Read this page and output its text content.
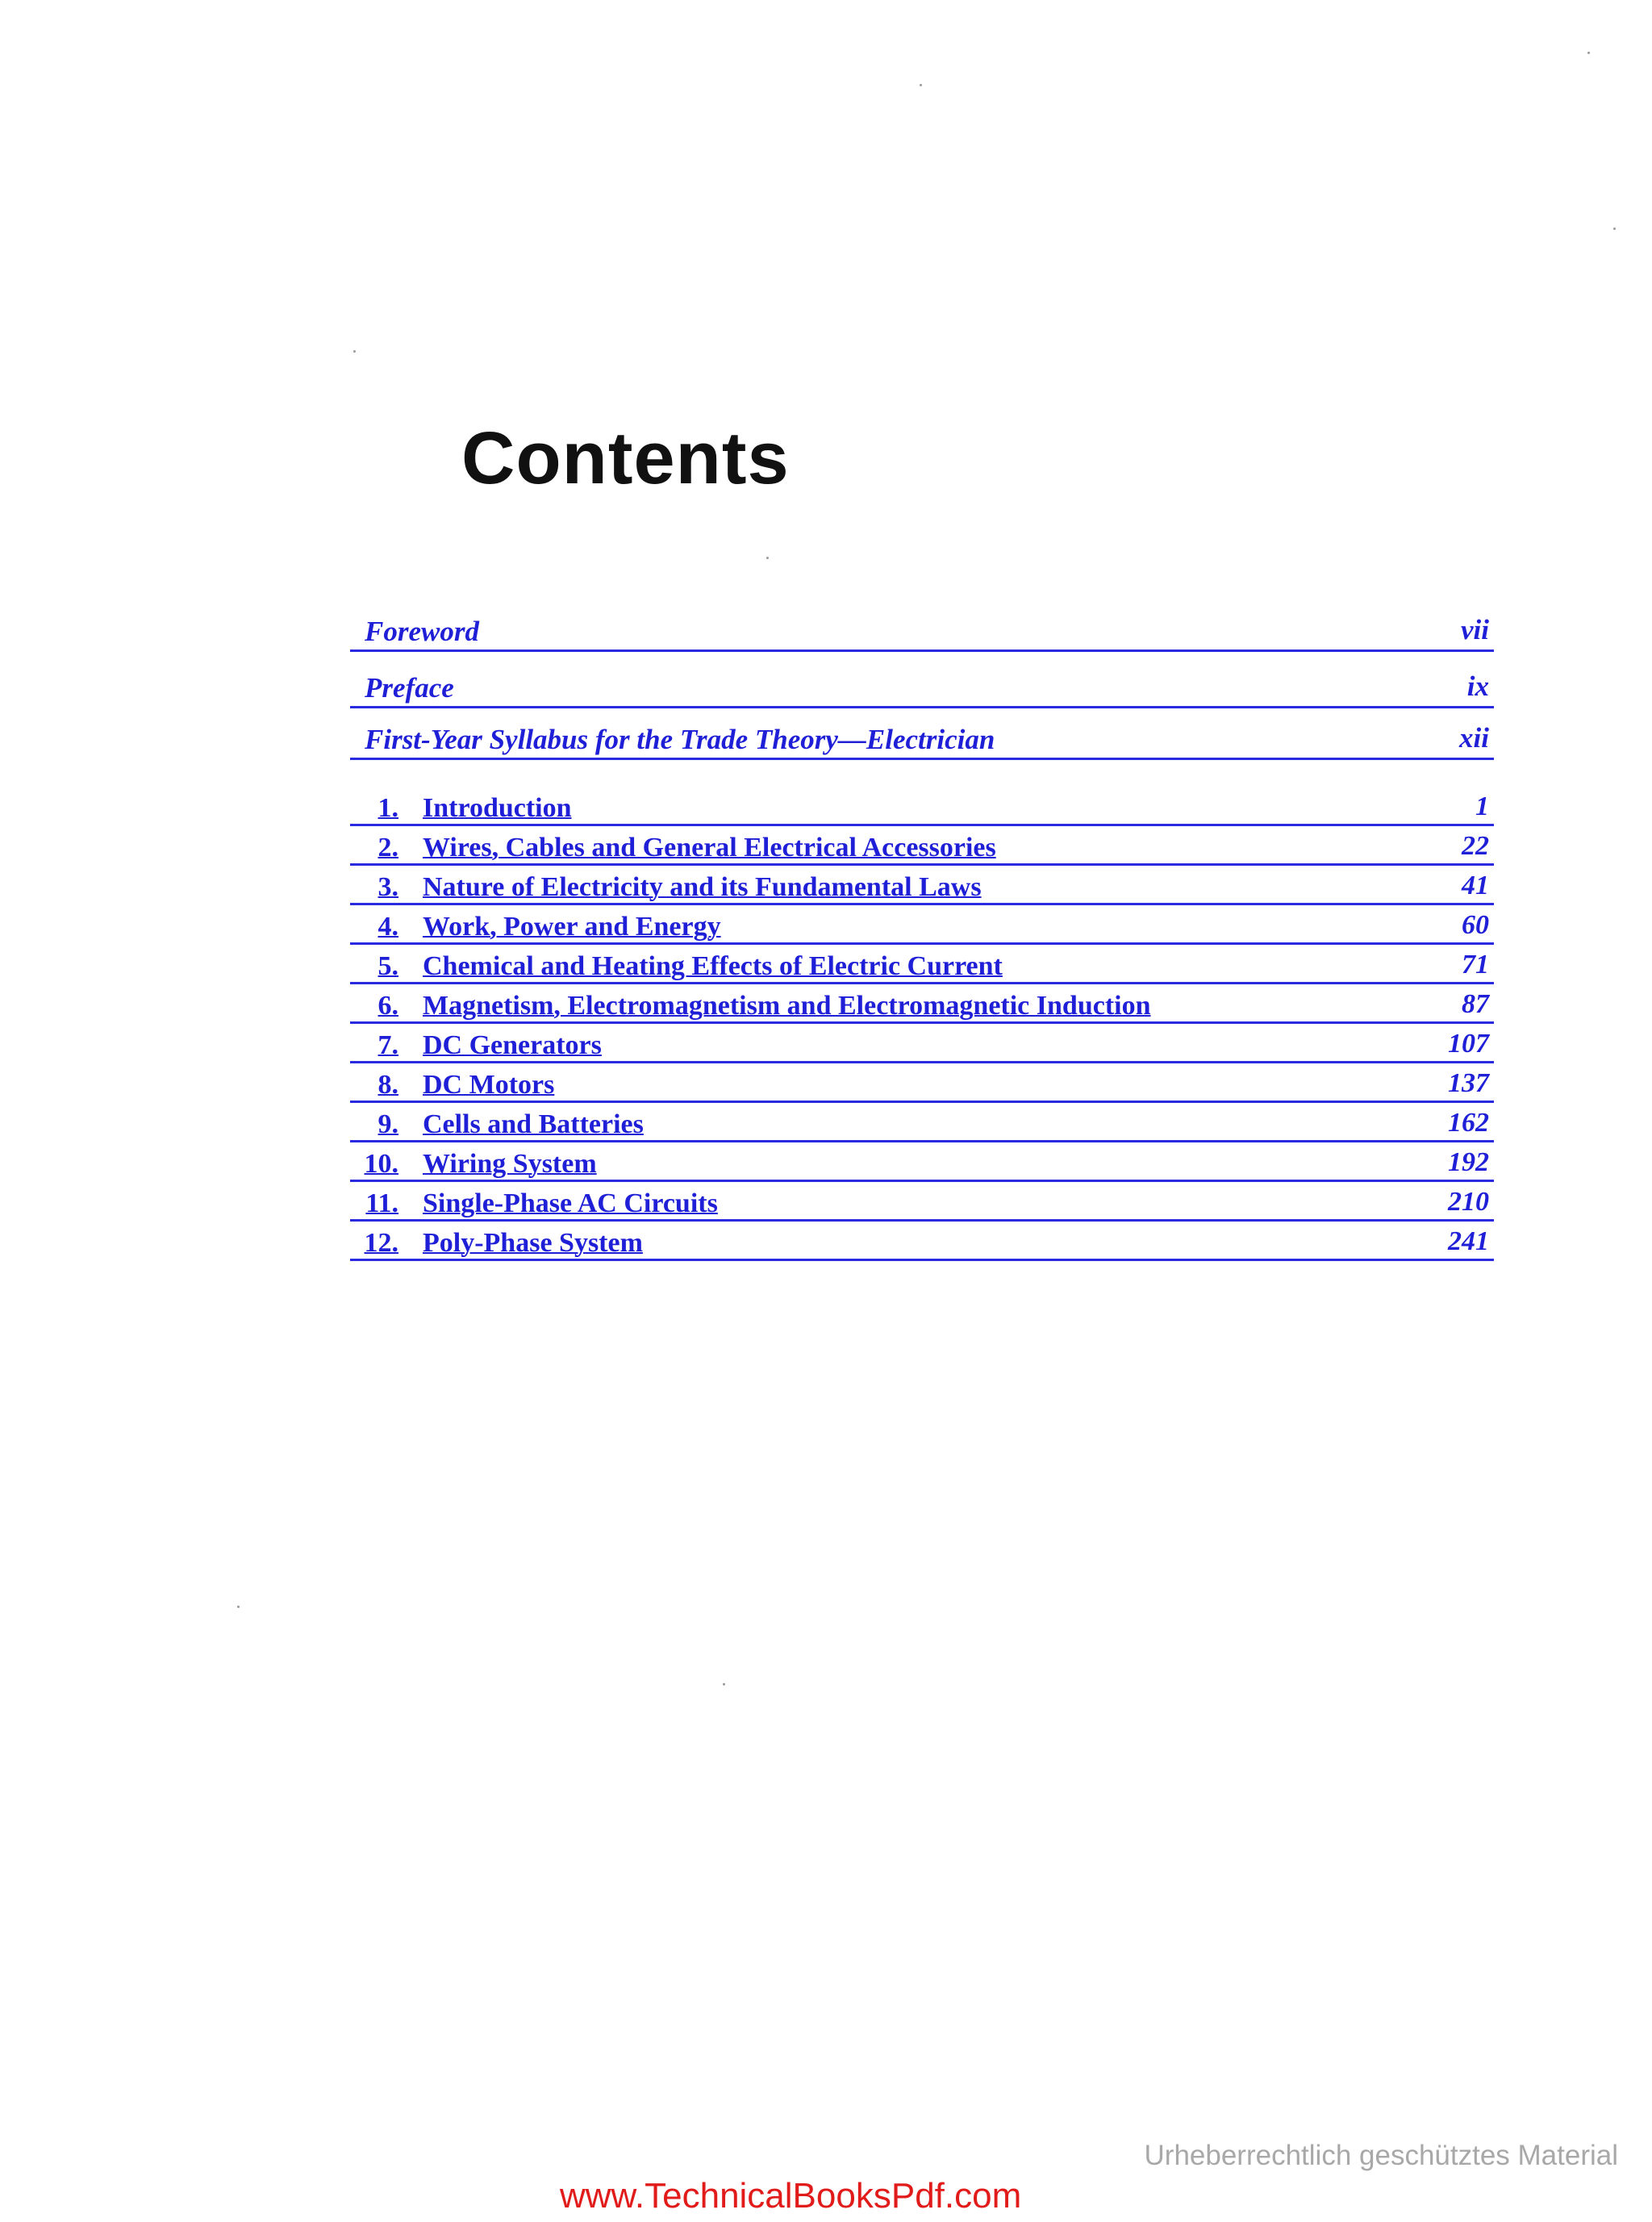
Contents
Foreword	vii
Preface	ix
First-Year Syllabus for the Trade Theory—Electrician	xii
1. Introduction	1
2. Wires, Cables and General Electrical Accessories	22
3. Nature of Electricity and its Fundamental Laws	41
4. Work, Power and Energy	60
5. Chemical and Heating Effects of Electric Current	71
6. Magnetism, Electromagnetism and Electromagnetic Induction	87
7. DC Generators	107
8. DC Motors	137
9. Cells and Batteries	162
10. Wiring System	192
11. Single-Phase AC Circuits	210
12. Poly-Phase System	241
Urheberrechtlich geschütztes Material
www.TechnicalBooksPdf.com
